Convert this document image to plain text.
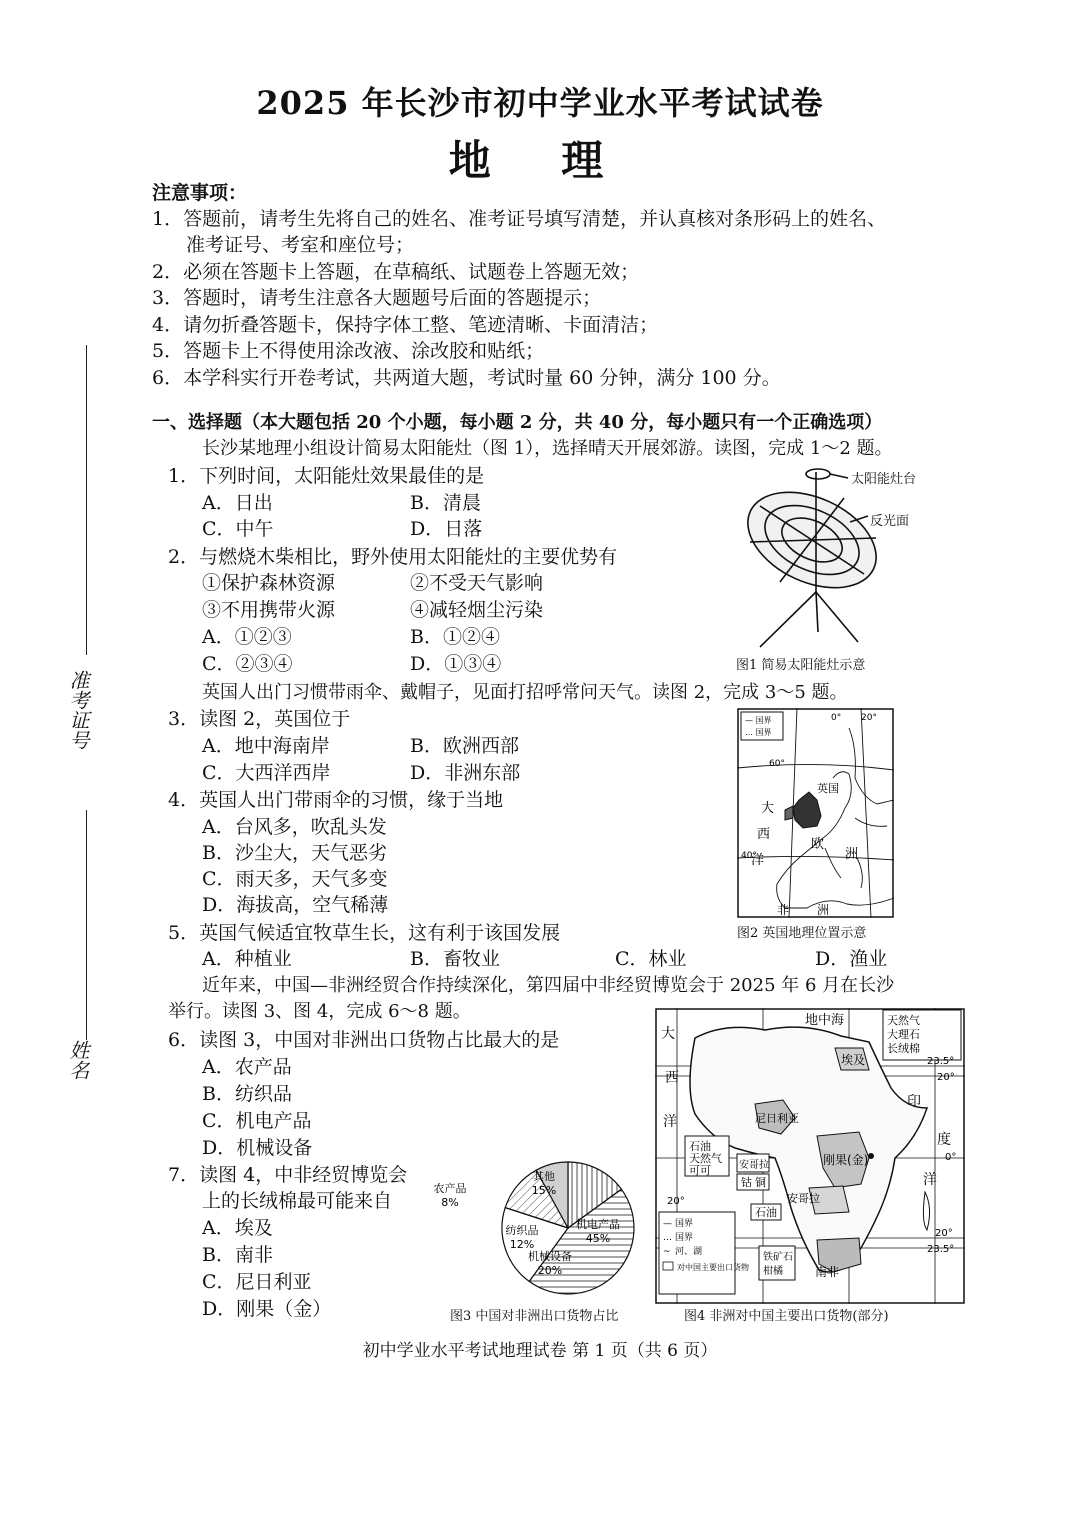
2025 年长沙市初中学业水平考试试卷
地 理
注意事项：
1．答题前，请考生先将自己的姓名、准考证号填写清楚，并认真核对条形码上的姓名、
准考证号、考室和座位号；
2．必须在答题卡上答题，在草稿纸、试题卷上答题无效；
3．答题时，请考生注意各大题题号后面的答题提示；
4．请勿折叠答题卡，保持字体工整、笔迹清晰、卡面清洁；
5．答题卡上不得使用涂改液、涂改胶和贴纸；
6．本学科实行开卷考试，共两道大题，考试时量 60 分钟，满分 100 分。
准考证号
姓名
一、选择题（本大题包括 20 个小题，每小题 2 分，共 40 分，每小题只有一个正确选项）
长沙某地理小组设计简易太阳能灶（图 1），选择晴天开展郊游。读图，完成 1～2 题。
1．下列时间，太阳能灶效果最佳的是
A．日出	B．清晨
C．中午	D．日落
2．与燃烧木柴相比，野外使用太阳能灶的主要优势有
①保护森林资源	②不受天气影响
③不用携带火源	④减轻烟尘污染
A．①②③	B．①②④
C．②③④	D．①③④
太阳能灶台
反光面
图1 简易太阳能灶示意
英国人出门习惯带雨伞、戴帽子，见面打招呼常问天气。读图 2，完成 3～5 题。
3．读图 2，英国位于
A．地中海南岸	B．欧洲西部
C．大西洋西岸	D．非洲东部
4．英国人出门带雨伞的习惯，缘于当地
A．台风多，吹乱头发
B．沙尘大，天气恶劣
C．雨天多，天气多变
D．海拔高，空气稀薄
5．英国气候适宜牧草生长，这有利于该国发展
A．种植业	B．畜牧业	C．林业	D．渔业
— 国界
… 国界
0° 20°
60°
40°
英国
大
西
洋
欧
洲
非 洲
图2 英国地理位置示意
近年来，中国—非洲经贸合作持续深化，第四届中非经贸博览会于 2025 年 6 月在长沙
举行。读图 3、图 4，完成 6～8 题。
6．读图 3，中国对非洲出口货物占比最大的是
A．农产品
B．纺织品
C．机电产品
D．机械设备
7．读图 4，中非经贸博览会
上的长绒棉最可能来自
A．埃及
B．南非
C．尼日利亚
D．刚果（金）
其他
15%
机电产品
45%
机械设备
20%
纺织品
12%
农产品
8%
图3 中国对非洲出口货物占比
地中海
埃及
天然气
大理石
长绒棉
尼日利亚
石油
天然气
可可
刚果(金)
安哥拉
钴 铜
安哥拉
石油
铁矿石
柑橘	南非
大
西
洋
印
度
洋
23.5°
20°
0°
20°
23.5°
20°
— 国界
… 国界
~ 河、湖
对中国主要出口货物
图4 非洲对中国主要出口货物(部分)
初中学业水平考试地理试卷 第 1 页（共 6 页）
